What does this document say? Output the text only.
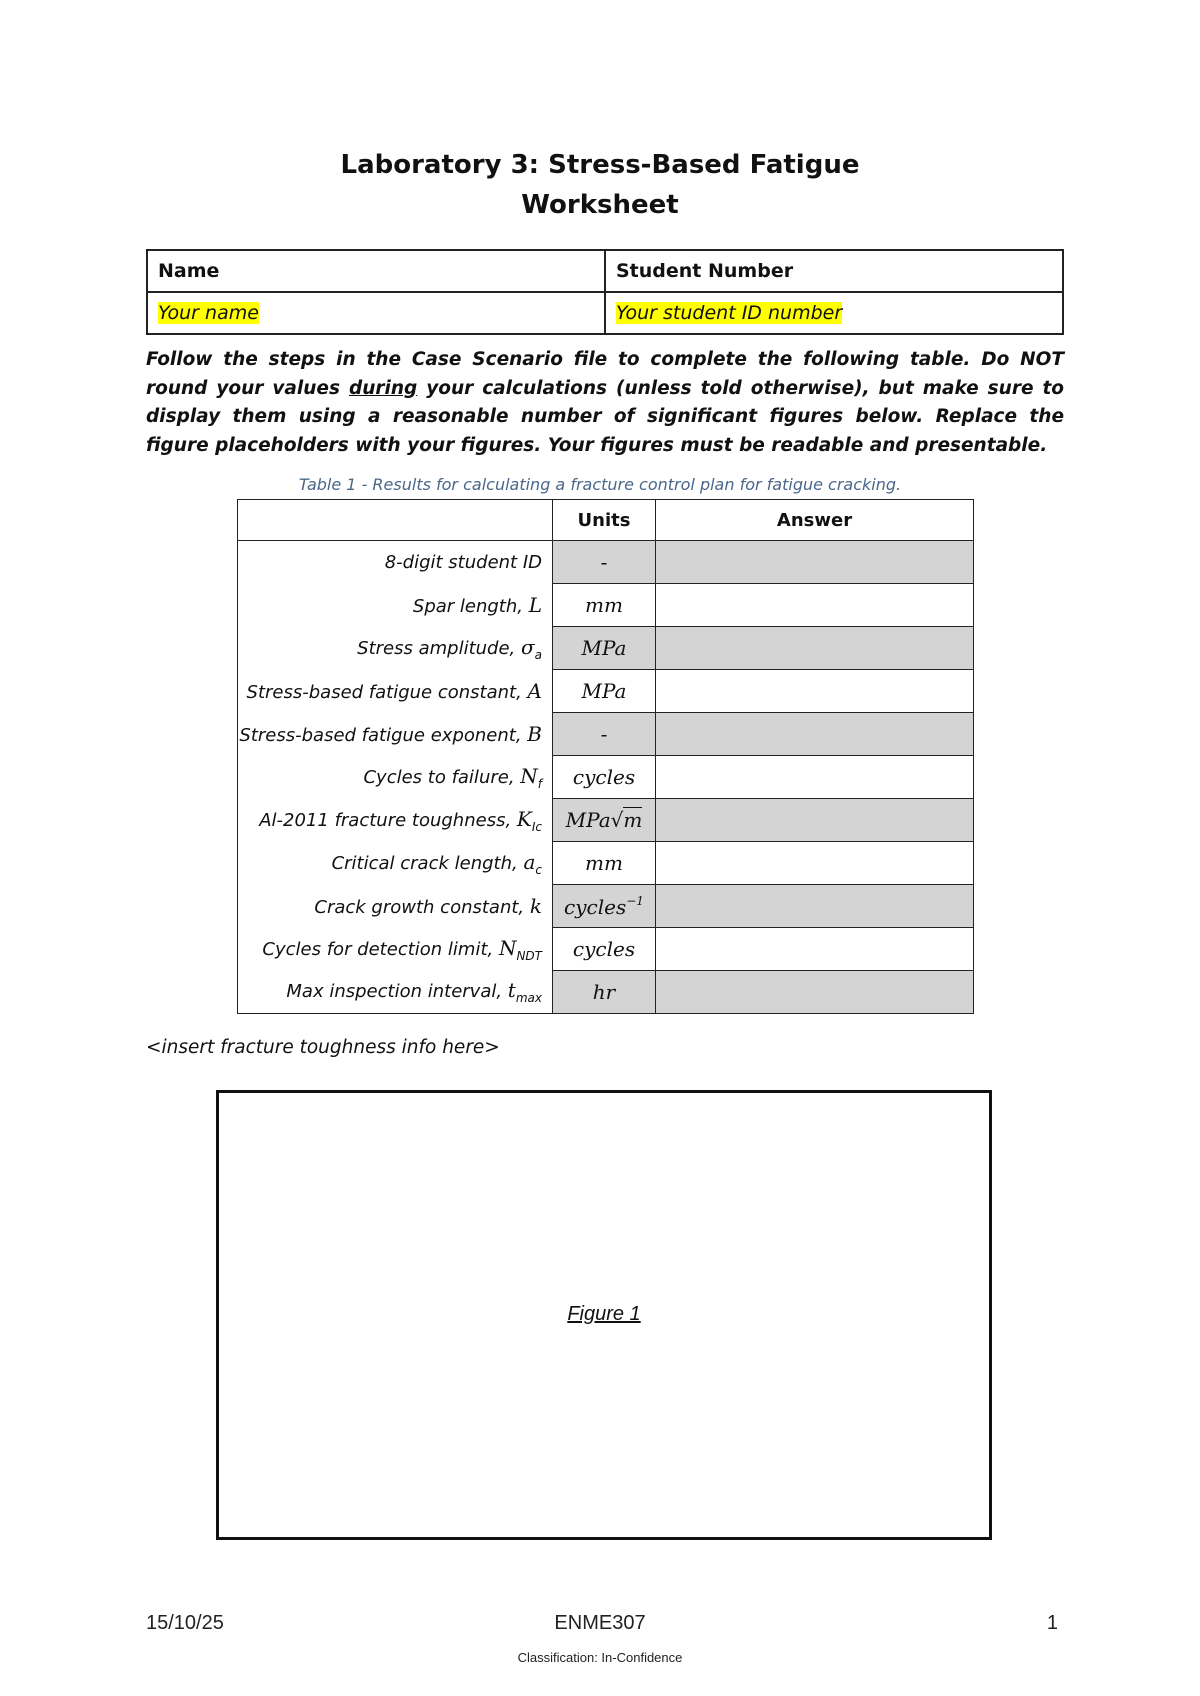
Laboratory 3: Stress-Based Fatigue
Worksheet
Name	Student Number
Your name	Your student ID number
Follow the steps in the Case Scenario file to complete the following table. Do NOT round your values during your calculations (unless told otherwise), but make sure to display them using a reasonable number of significant figures below. Replace the figure placeholders with your figures. Your figures must be readable and presentable.
Table 1 - Results for calculating a fracture control plan for fatigue cracking.
	Units	Answer
8-digit student ID	-	
Spar length, L	mm	
Stress amplitude, $\sigma_a$	MPa	
Stress-based fatigue constant, A	MPa	
Stress-based fatigue exponent, B	-	
Cycles to failure, $N_f$	cycles	
Al-2011 fracture toughness, $K_{Ic}$	MPa√m	
Critical crack length, $a_c$	mm	
Crack growth constant, k	cycles$^{-1}$	
Cycles for detection limit, $N_{NDT}$	cycles	
Max inspection interval, $t_{max}$	hr	
<insert fracture toughness info here>
Figure 1
15/10/25	ENME307	1
Classification: In-Confidence
